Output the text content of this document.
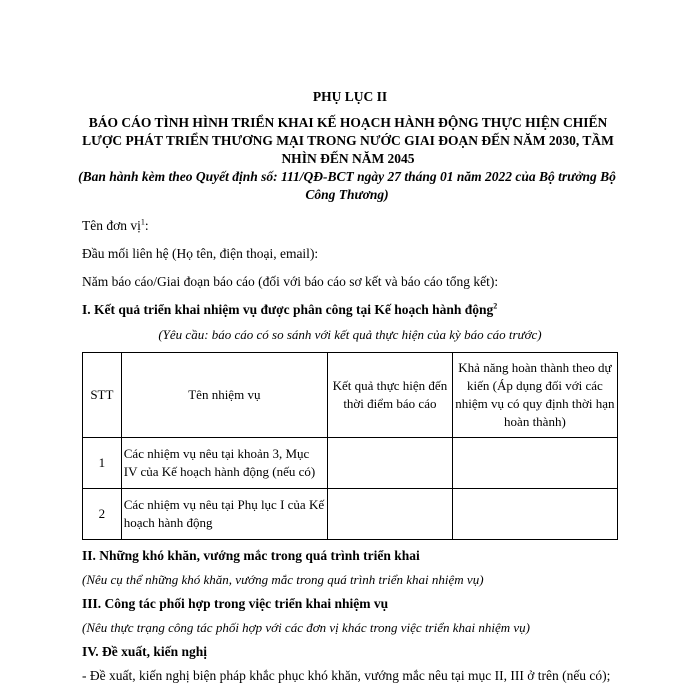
PHỤ LỤC II

BÁO CÁO TÌNH HÌNH TRIỂN KHAI KẾ HOẠCH HÀNH ĐỘNG THỰC HIỆN CHIẾN
LƯỢC PHÁT TRIỂN THƯƠNG MẠI TRONG NƯỚC GIAI ĐOẠN ĐẾN NĂM 2030, TẦM
NHÌN ĐẾN NĂM 2045
(Ban hành kèm theo Quyết định số: 111/QĐ-BCT ngày 27 tháng 01 năm 2022 của Bộ trưởng Bộ
Công Thương)

Tên đơn vị$^1$:

Đầu mối liên hệ (Họ tên, điện thoại, email):

Năm báo cáo/Giai đoạn báo cáo (đối với báo cáo sơ kết và báo cáo tổng kết):

I. Kết quả triển khai nhiệm vụ được phân công tại Kế hoạch hành động$^2$

(Yêu cầu: báo cáo có so sánh với kết quả thực hiện của kỳ báo cáo trước)

STT	Tên nhiệm vụ	Kết quả thực hiện đến thời điểm báo cáo	Khả năng hoàn thành theo dự kiến (Áp dụng đối với các nhiệm vụ có quy định thời hạn hoàn thành)
1	Các nhiệm vụ nêu tại khoản 3, Mục IV của Kế hoạch hành động (nếu có)		
2	Các nhiệm vụ nêu tại Phụ lục I của Kế hoạch hành động		

II. Những khó khăn, vướng mắc trong quá trình triển khai

(Nêu cụ thể những khó khăn, vướng mắc trong quá trình triển khai nhiệm vụ)

III. Công tác phối hợp trong việc triển khai nhiệm vụ

(Nêu thực trạng công tác phối hợp với các đơn vị khác trong việc triển khai nhiệm vụ)

IV. Đề xuất, kiến nghị

- Đề xuất, kiến nghị biện pháp khắc phục khó khăn, vướng mắc nêu tại mục II, III ở trên (nếu có);
